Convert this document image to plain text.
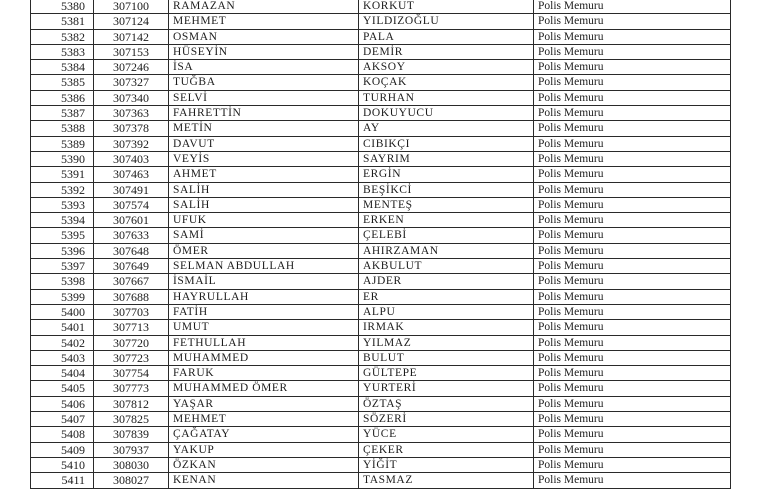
5380	307100	RAMAZAN	KORKUT	Polis Memuru
5381	307124	MEHMET	YILDIZOĞLU	Polis Memuru
5382	307142	OSMAN	PALA	Polis Memuru
5383	307153	HÜSEYİN	DEMİR	Polis Memuru
5384	307246	İSA	AKSOY	Polis Memuru
5385	307327	TUĞBA	KOÇAK	Polis Memuru
5386	307340	SELVİ	TURHAN	Polis Memuru
5387	307363	FAHRETTİN	DOKUYUCU	Polis Memuru
5388	307378	METİN	AY	Polis Memuru
5389	307392	DAVUT	CIBIKÇI	Polis Memuru
5390	307403	VEYİS	SAYRIM	Polis Memuru
5391	307463	AHMET	ERGİN	Polis Memuru
5392	307491	SALİH	BEŞİKCİ	Polis Memuru
5393	307574	SALİH	MENTEŞ	Polis Memuru
5394	307601	UFUK	ERKEN	Polis Memuru
5395	307633	SAMİ	ÇELEBİ	Polis Memuru
5396	307648	ÖMER	AHIRZAMAN	Polis Memuru
5397	307649	SELMAN ABDULLAH	AKBULUT	Polis Memuru
5398	307667	İSMAİL	AJDER	Polis Memuru
5399	307688	HAYRULLAH	ER	Polis Memuru
5400	307703	FATİH	ALPU	Polis Memuru
5401	307713	UMUT	IRMAK	Polis Memuru
5402	307720	FETHULLAH	YILMAZ	Polis Memuru
5403	307723	MUHAMMED	BULUT	Polis Memuru
5404	307754	FARUK	GÜLTEPE	Polis Memuru
5405	307773	MUHAMMED ÖMER	YURTERİ	Polis Memuru
5406	307812	YAŞAR	ÖZTAŞ	Polis Memuru
5407	307825	MEHMET	SÖZERİ	Polis Memuru
5408	307839	ÇAĞATAY	YÜCE	Polis Memuru
5409	307937	YAKUP	ÇEKER	Polis Memuru
5410	308030	ÖZKAN	YİĞİT	Polis Memuru
5411	308027	KENAN	TASMAZ	Polis Memuru
